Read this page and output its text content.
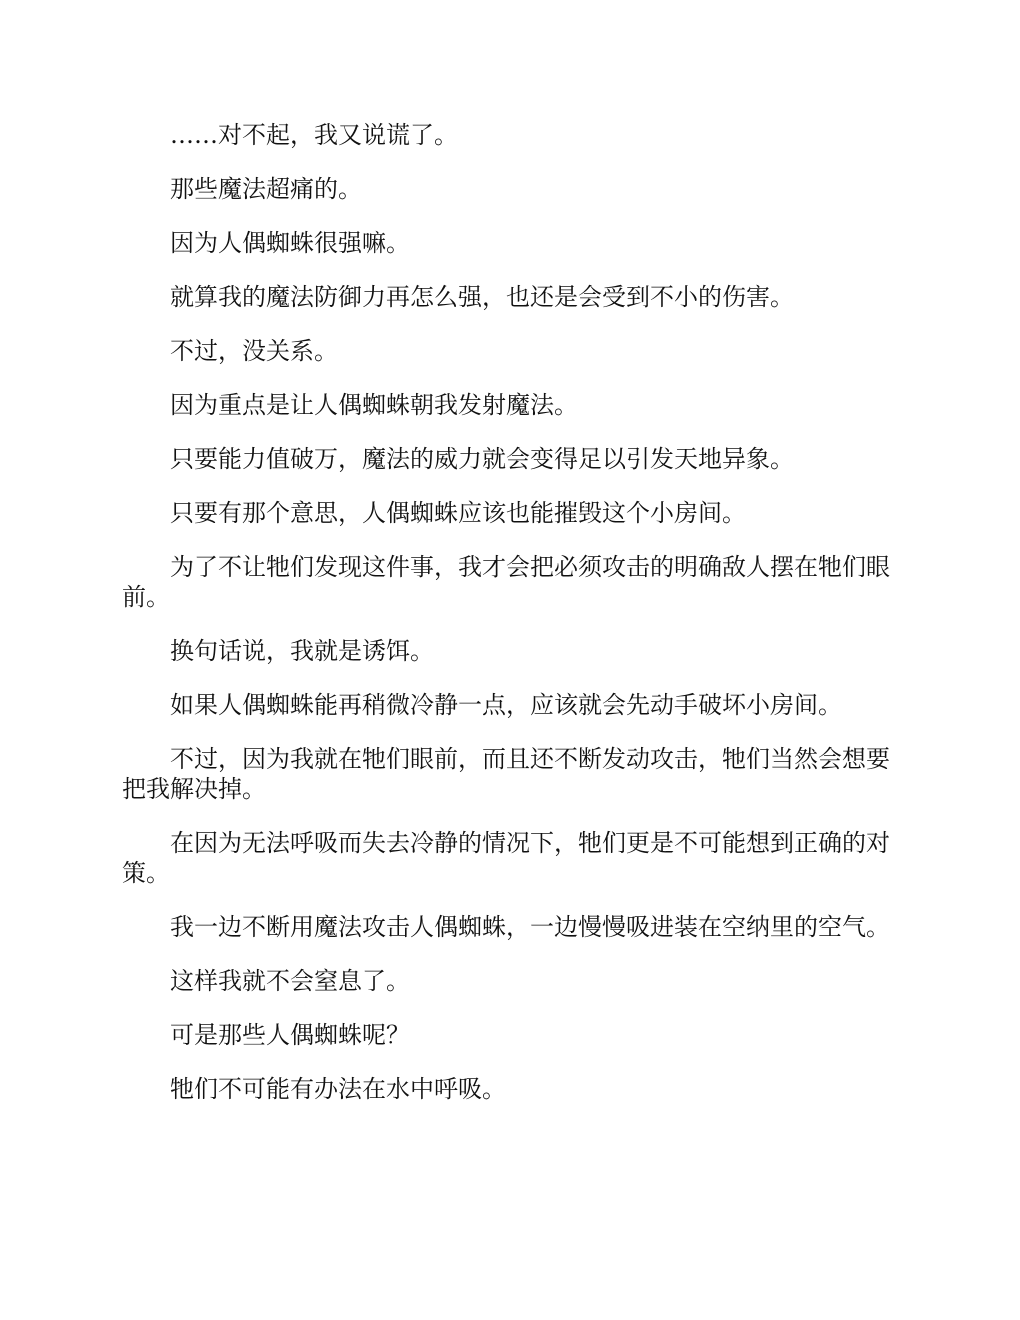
……对不起，我又说谎了。

那些魔法超痛的。

因为人偶蜘蛛很强嘛。

就算我的魔法防御力再怎么强，也还是会受到不小的伤害。

不过，没关系。

因为重点是让人偶蜘蛛朝我发射魔法。

只要能力值破万，魔法的威力就会变得足以引发天地异象。

只要有那个意思，人偶蜘蛛应该也能摧毁这个小房间。

为了不让牠们发现这件事，我才会把必须攻击的明确敌人摆在牠们眼前。

换句话说，我就是诱饵。

如果人偶蜘蛛能再稍微冷静一点，应该就会先动手破坏小房间。

不过，因为我就在牠们眼前，而且还不断发动攻击，牠们当然会想要把我解决掉。

在因为无法呼吸而失去冷静的情况下，牠们更是不可能想到正确的对策。

我一边不断用魔法攻击人偶蜘蛛，一边慢慢吸进装在空纳里的空气。

这样我就不会窒息了。

可是那些人偶蜘蛛呢？

牠们不可能有办法在水中呼吸。
